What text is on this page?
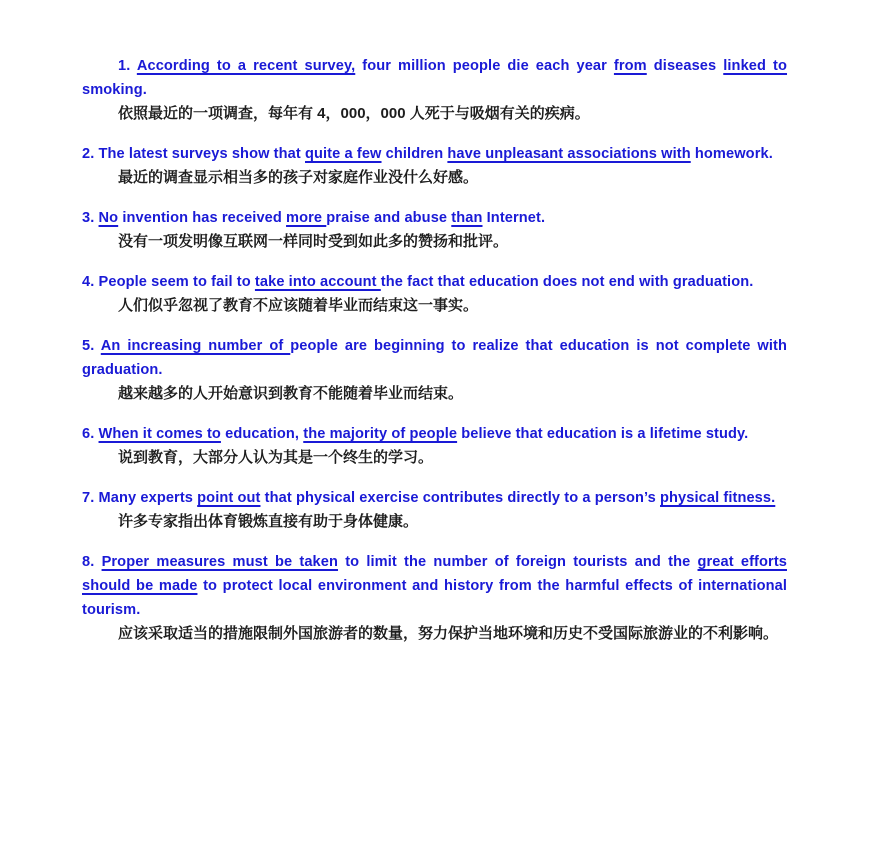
1. According to a recent survey, four million people die each year from diseases linked to smoking.

依照最近的一项调查，每年有 4，000，000 人死于与吸烟有关的疾病。

2. The latest surveys show that quite a few children have unpleasant associations with homework.

最近的调查显示相当多的孩子对家庭作业没什么好感。

3. No invention has received more praise and abuse than Internet.

没有一项发明像互联网一样同时受到如此多的赞扬和批评。

4. People seem to fail to take into account the fact that education does not end with graduation.

人们似乎忽视了教育不应该随着毕业而结束这一事实。

5. An increasing number of people are beginning to realize that education is not complete with graduation.

越来越多的人开始意识到教育不能随着毕业而结束。

6. When it comes to education, the majority of people believe that education is a lifetime study.

说到教育，大部分人认为其是一个终生的学习。

7. Many experts point out that physical exercise contributes directly to a person’s physical fitness.

许多专家指出体育锻炼直接有助于身体健康。

8. Proper measures must be taken to limit the number of foreign tourists and the great efforts should be made to protect local environment and history from the harmful effects of international tourism.

应该采取适当的措施限制外国旅游者的数量，努力保护当地环境和历史不受国际旅游业的不利影响。
